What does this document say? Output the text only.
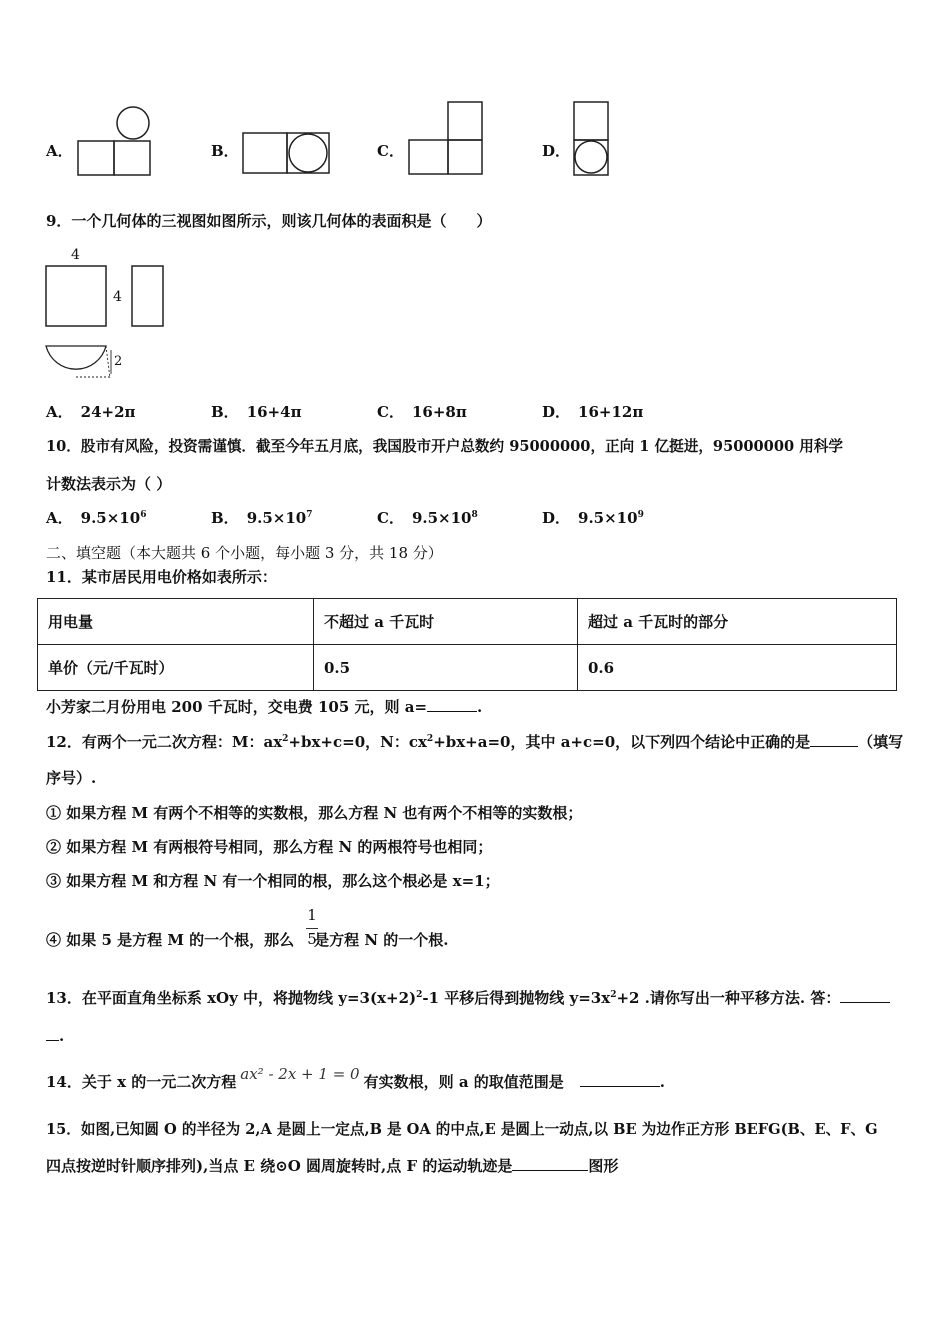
A．	B．	C．	D．
9．一个几何体的三视图如图所示，则该几何体的表面积是（　　）
4
4
2
A． 24+2π	B． 16+4π	C． 16+8π	D． 16+12π
10．股市有风险，投资需谨慎．截至今年五月底，我国股市开户总数约 95000000，正向 1 亿挺进，95000000 用科学
计数法表示为（ ）
A． $9.5\times 10^6$	B． $9.5\times 10^7$	C． $9.5\times 10^8$	D． $9.5\times 10^9$
二、填空题（本大题共 6 个小题，每小题 3 分，共 18 分）
11．某市居民用电价格如表所示：
用电量	不超过 a 千瓦时	超过 a 千瓦时的部分
单价（元/千瓦时）	0.5	0.6
小芳家二月份用电 200 千瓦时，交电费 105 元，则 a=	.
12．有两个一元二次方程：M：$ax^2+bx+c=0$，N：$cx^2+bx+a=0$，其中 a+c=0，以下列四个结论中正确的是	（填写
序号）.
① 如果方程 M 有两个不相等的实数根，那么方程 N 也有两个不相等的实数根；
② 如果方程 M 有两根符号相同，那么方程 N 的两根符号也相同；
③ 如果方程 M 和方程 N 有一个相同的根，那么这个根必是 x=1；
④ 如果 5 是方程 M 的一个根，那么 是方程 N 的一个根.
1
5
13．在平面直角坐标系 xOy 中，将抛物线 $y=3(x+2)^2-1$ 平移后得到抛物线 $y=3x^2+2$ .请你写出一种平移方法. 答：
.
14．关于 x 的一元二次方程 ax² - 2x + 1 = 0 有实数根，则 a 的取值范围是	.
15．如图,已知圆 O 的半径为 2,A 是圆上一定点,B 是 OA 的中点,E 是圆上一动点,以 BE 为边作正方形 BEFG(B、E、F、G
四点按逆时针顺序排列),当点 E 绕⊙O 圆周旋转时,点 F 的运动轨迹是	图形
